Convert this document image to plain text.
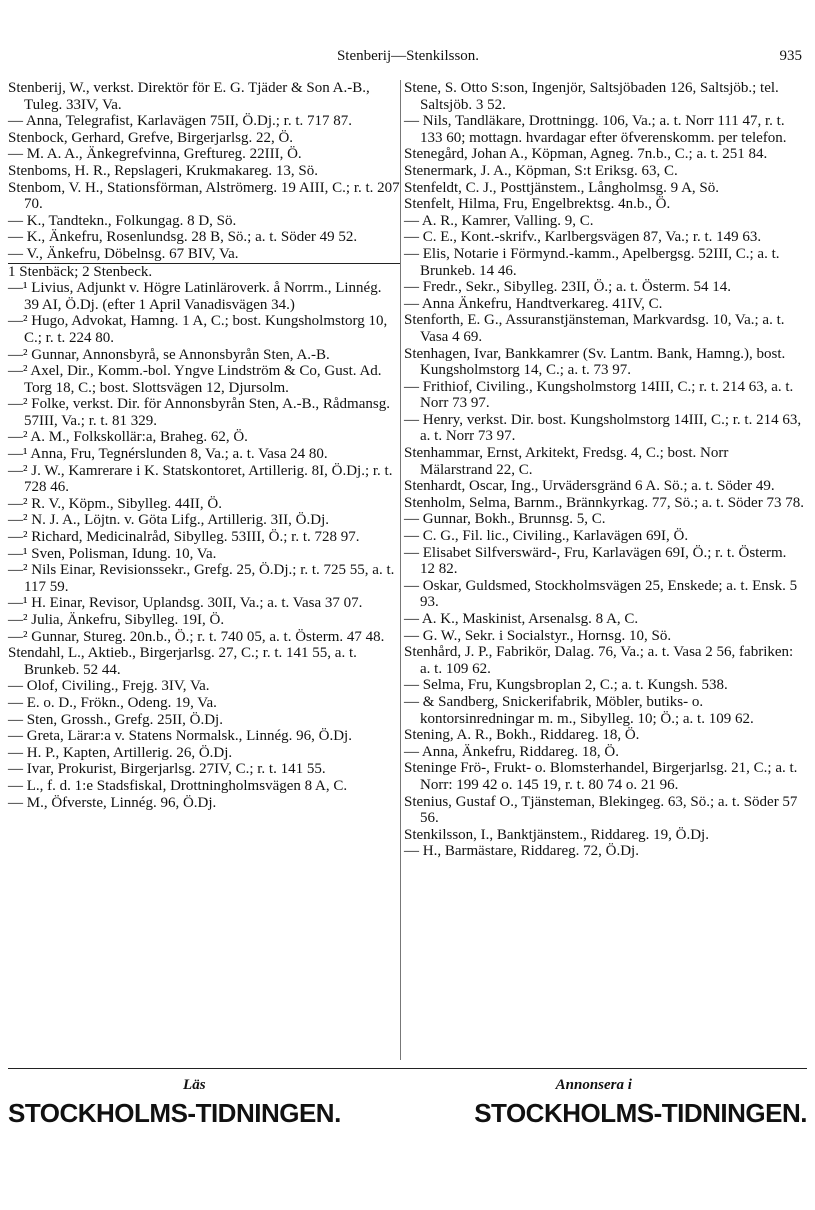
Stenberij—Stenkilsson.	935
Stenberij, W., verkst. Direktör för E. G. Tjäder & Son A.-B., Tuleg. 33IV, Va.
— Anna, Telegrafist, Karlavägen 75II, Ö.Dj.; r. t. 717 87.
Stenbock, Gerhard, Grefve, Birgerjarlsg. 22, Ö.
— M. A. A., Änkegrefvinna, Greftureg. 22III, Ö.
Stenboms, H. R., Repslageri, Krukmakareg. 13, Sö.
Stenbom, V. H., Stationsförman, Alströmerg. 19 AIII, C.; r. t. 207 70.
— K., Tandtekn., Folkungag. 8 D, Sö.
— K., Änkefru, Rosenlundsg. 28 B, Sö.; a. t. Söder 49 52.
— V., Änkefru, Döbelnsg. 67 BIV, Va.
1 Stenbäck; 2 Stenbeck.
—¹ Livius, Adjunkt v. Högre Latinläroverk. å Norrm., Linnég. 39 AI, Ö.Dj. (efter 1 April Vanadisvägen 34.)
—² Hugo, Advokat, Hamng. 1 A, C.; bost. Kungsholmstorg 10, C.; r. t. 224 80.
—² Gunnar, Annonsbyrå, se Annonsbyrån Sten, A.-B.
—² Axel, Dir., Komm.-bol. Yngve Lindström & Co, Gust. Ad. Torg 18, C.; bost. Slottsvägen 12, Djursolm.
—² Folke, verkst. Dir. för Annonsbyrån Sten, A.-B., Rådmansg. 57III, Va.; r. t. 81 329.
—² A. M., Folkskollär:a, Braheg. 62, Ö.
—¹ Anna, Fru, Tegnérslunden 8, Va.; a. t. Vasa 24 80.
—² J. W., Kamrerare i K. Statskontoret, Artillerig. 8I, Ö.Dj.; r. t. 728 46.
—² R. V., Köpm., Sibylleg. 44II, Ö.
—² N. J. A., Löjtn. v. Göta Lifg., Artillerig. 3II, Ö.Dj.
—² Richard, Medicinalråd, Sibylleg. 53III, Ö.; r. t. 728 97.
—¹ Sven, Polisman, Idung. 10, Va.
—² Nils Einar, Revisionssekr., Grefg. 25, Ö.Dj.; r. t. 725 55, a. t. 117 59.
—¹ H. Einar, Revisor, Uplandsg. 30II, Va.; a. t. Vasa 37 07.
—² Julia, Änkefru, Sibylleg. 19I, Ö.
—² Gunnar, Stureg. 20n.b., Ö.; r. t. 740 05, a. t. Österm. 47 48.
Stendahl, L., Aktieb., Birgerjarlsg. 27, C.; r. t. 141 55, a. t. Brunkeb. 52 44.
— Olof, Civiling., Frejg. 3IV, Va.
— E. o. D., Frökn., Odeng. 19, Va.
— Sten, Grossh., Grefg. 25II, Ö.Dj.
— Greta, Lärar:a v. Statens Normalsk., Linnég. 96, Ö.Dj.
— H. P., Kapten, Artillerig. 26, Ö.Dj.
— Ivar, Prokurist, Birgerjarlsg. 27IV, C.; r. t. 141 55.
— L., f. d. 1:e Stadsfiskal, Drottningholmsvägen 8 A, C.
— M., Öfverste, Linnég. 96, Ö.Dj.
Stene, S. Otto S:son, Ingenjör, Saltsjöbaden 126, Saltsjöb.; tel. Saltsjöb. 3 52.
— Nils, Tandläkare, Drottningg. 106, Va.; a. t. Norr 111 47, r. t. 133 60; mottagn. hvardagar efter öfverenskomm. per telefon.
Stenegård, Johan A., Köpman, Agneg. 7n.b., C.; a. t. 251 84.
Stenermark, J. A., Köpman, S:t Eriksg. 63, C.
Stenfeldt, C. J., Posttjänstem., Långholmsg. 9 A, Sö.
Stenfelt, Hilma, Fru, Engelbrektsg. 4n.b., Ö.
— A. R., Kamrer, Valling. 9, C.
— C. E., Kont.-skrifv., Karlbergsvägen 87, Va.; r. t. 149 63.
— Elis, Notarie i Förmynd.-kamm., Apelbergsg. 52III, C.; a. t. Brunkeb. 14 46.
— Fredr., Sekr., Sibylleg. 23II, Ö.; a. t. Österm. 54 14.
— Anna Änkefru, Handtverkareg. 41IV, C.
Stenforth, E. G., Assuranstjänsteman, Markvardsg. 10, Va.; a. t. Vasa 4 69.
Stenhagen, Ivar, Bankkamrer (Sv. Lantm. Bank, Hamng.), bost. Kungsholmstorg 14, C.; a. t. 73 97.
— Frithiof, Civiling., Kungsholmstorg 14III, C.; r. t. 214 63, a. t. Norr 73 97.
— Henry, verkst. Dir. bost. Kungsholmstorg 14III, C.; r. t. 214 63, a. t. Norr 73 97.
Stenhammar, Ernst, Arkitekt, Fredsg. 4, C.; bost. Norr Mälarstrand 22, C.
Stenhardt, Oscar, Ing., Urvädersgränd 6 A. Sö.; a. t. Söder 49.
Stenholm, Selma, Barnm., Brännkyrkag. 77, Sö.; a. t. Söder 73 78.
— Gunnar, Bokh., Brunnsg. 5, C.
— C. G., Fil. lic., Civiling., Karlavägen 69I, Ö.
— Elisabet Silfverswärd-, Fru, Karlavägen 69I, Ö.; r. t. Österm. 12 82.
— Oskar, Guldsmed, Stockholmsvägen 25, Enskede; a. t. Ensk. 5 93.
— A. K., Maskinist, Arsenalsg. 8 A, C.
— G. W., Sekr. i Socialstyr., Hornsg. 10, Sö.
Stenhård, J. P., Fabrikör, Dalag. 76, Va.; a. t. Vasa 2 56, fabriken: a. t. 109 62.
— Selma, Fru, Kungsbroplan 2, C.; a. t. Kungsh. 538.
— & Sandberg, Snickerifabrik, Möbler, butiks- o. kontorsinredningar m. m., Sibylleg. 10; Ö.; a. t. 109 62.
Stening, A. R., Bokh., Riddareg. 18, Ö.
— Anna, Änkefru, Riddareg. 18, Ö.
Steninge Frö-, Frukt- o. Blomsterhandel, Birgerjarlsg. 21, C.; a. t. Norr: 199 42 o. 145 19, r. t. 80 74 o. 21 96.
Stenius, Gustaf O., Tjänsteman, Blekingeg. 63, Sö.; a. t. Söder 57 56.
Stenkilsson, I., Banktjänstem., Riddareg. 19, Ö.Dj.
— H., Barmästare, Riddareg. 72, Ö.Dj.
Läs	Annonsera i
STOCKHOLMS-TIDNINGEN.	STOCKHOLMS-TIDNINGEN.
